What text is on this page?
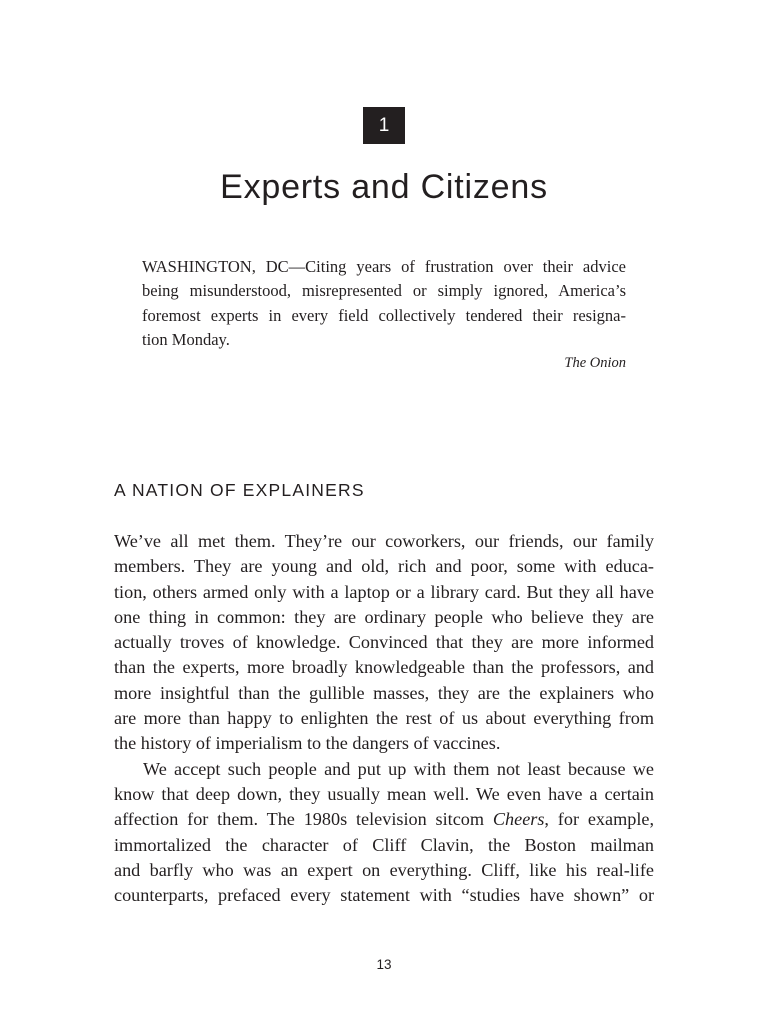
1
Experts and Citizens

WASHINGTON, DC—Citing years of frustration over their advice
being misunderstood, misrepresented or simply ignored, America’s
foremost experts in every field collectively tendered their resigna-
tion Monday.

The Onion

A NATION OF EXPLAINERS

We’ve all met them. They’re our coworkers, our friends, our family
members. They are young and old, rich and poor, some with educa-
tion, others armed only with a laptop or a library card. But they all have
one thing in common: they are ordinary people who believe they are
actually troves of knowledge. Convinced that they are more informed
than the experts, more broadly knowledgeable than the professors, and
more insightful than the gullible masses, they are the explainers who
are more than happy to enlighten the rest of us about everything from
the history of imperialism to the dangers of vaccines.

We accept such people and put up with them not least because we
know that deep down, they usually mean well. We even have a certain
affection for them. The 1980s television sitcom Cheers, for example,
immortalized the character of Cliff Clavin, the Boston mailman
and barfly who was an expert on everything. Cliff, like his real-life
counterparts, prefaced every statement with “studies have shown” or

13
